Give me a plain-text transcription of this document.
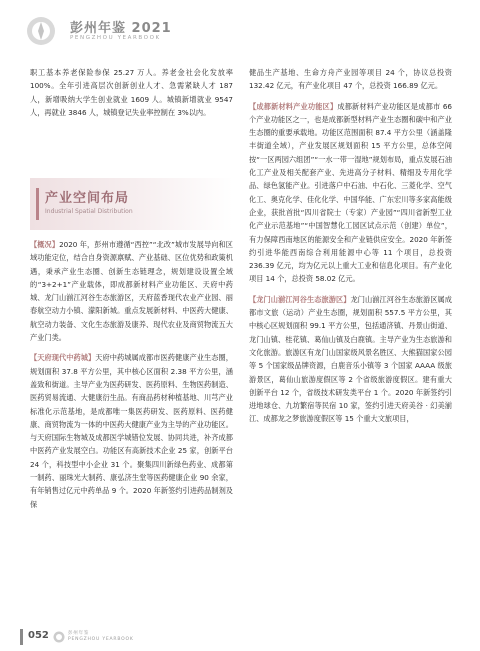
彭州年鉴 2021
PENGZHOU YEARBOOK

职工基本养老保险参保 25.27 万人。养老金社会化发放率 100%。全年引进高层次创新创业人才、急需紧缺人才 187 人，新增吸纳大学生创业就业 1609 人。城镇新增就业 9547 人，再就业 3846 人，城镇登记失业率控制在 3%以内。

产业空间布局
Industrial Spatial Distribution

【概况】2020 年，彭州市遵循“西控”“北改”城市发展导向和区域功能定位，结合自身资源禀赋、产业基础、区位优势和政策机遇，秉承产业生态圈、创新生态链理念，规划建设设置全域的“3+2+1”产业载体，即成都新材料产业功能区、天府中药城、龙门山湔江河谷生态旅游区，天府蓝香现代农业产业园、丽春航空动力小镇、濛阳新城。重点发展新材料、中医药大健康、航空动力装备、文化生态旅游及康养、现代农业及商贸物流五大产业门类。

【天府现代中药城】天府中药城属成都市医药健康产业生态圈，规划面积 37.8 平方公里，其中核心区面积 2.38 平方公里，涵盖致和街道。主导产业为医药研发、医药原料、生物医药制造、医药贸易流通、大健康衍生品。有商品药材种植基地、川芎产业标准化示范基地，是成都唯一集医药研发、医药原料、医药健康、商贸物流为一体的中医药大健康产业为主导的产业功能区。与天府国际生物城及成都医学城错位发展、协同共进，补齐成都中医药产业发展空白。功能区有高新技术企业 25 家，创新平台 24 个，科技型中小企业 31 个。聚集四川新绿色药业、成都第一制药、丽珠光大制药、康弘济生堂等医药健康企业 90 余家，有年销售过亿元中药单品 9 个。2020 年新签约引进药品制剂及保

健品生产基地、生命方舟产业园等项目 24 个，协议总投资 132.42 亿元，有产业化项目 47 个，总投资 166.89 亿元。

【成都新材料产业功能区】成都新材料产业功能区是成都市 66 个产业功能区之一，也是成都新型材料产业生态圈和碳中和产业生态圈的重要承载地。功能区范围面积 87.4 平方公里（涵盖隆丰街道全域），产业发展区规划面积 15 平方公里，总体空间按“一区两园六组团”“一水一带一湿地”规划布局，重点发展石油化工产业及相关配套产业、先进高分子材料、精细及专用化学品、绿色氢能产业。引进落户中石油、中石化、三菱化学、空气化工、奥克化学、佳化化学、中国华能、广东宏川等多家高能级企业，获批首批“四川省院士（专家）产业园”“四川省新型工业化产业示范基地”“中国智慧化工园区试点示范（创建）单位”，有力保障西南地区的能源安全和产业链供应安全。2020 年新签约引进华能西南综合利用能源中心等 11 个项目，总投资 236.39 亿元，均为亿元以上重大工业和信息化项目。有产业化项目 14 个，总投资 58.02 亿元。

【龙门山湔江河谷生态旅游区】龙门山湔江河谷生态旅游区属成都市文旅（运动）产业生态圈，规划面积 557.5 平方公里，其中核心区规划面积 99.1 平方公里，包括通济镇、丹景山街道、龙门山镇、桂花镇、葛仙山镇及白鹿镇。主导产业为生态旅游和文化旅游。旅游区有龙门山国家级风景名胜区、大熊猫国家公园等 5 个国家级品牌资源，白鹿音乐小镇等 3 个国家 AAAA 级旅游景区，葛仙山旅游度假区等 2 个省级旅游度假区。建有重大创新平台 12 个，省级技术研发类平台 1 个。2020 年新签约引进地球仓、九坊繁宿等民宿 10 家，签约引进天府美谷 · 幻美湔江、成都龙之梦旅游度假区等 15 个重大文旅项目，

052	彭州年鉴
PENGZHOU YEARBOOK
